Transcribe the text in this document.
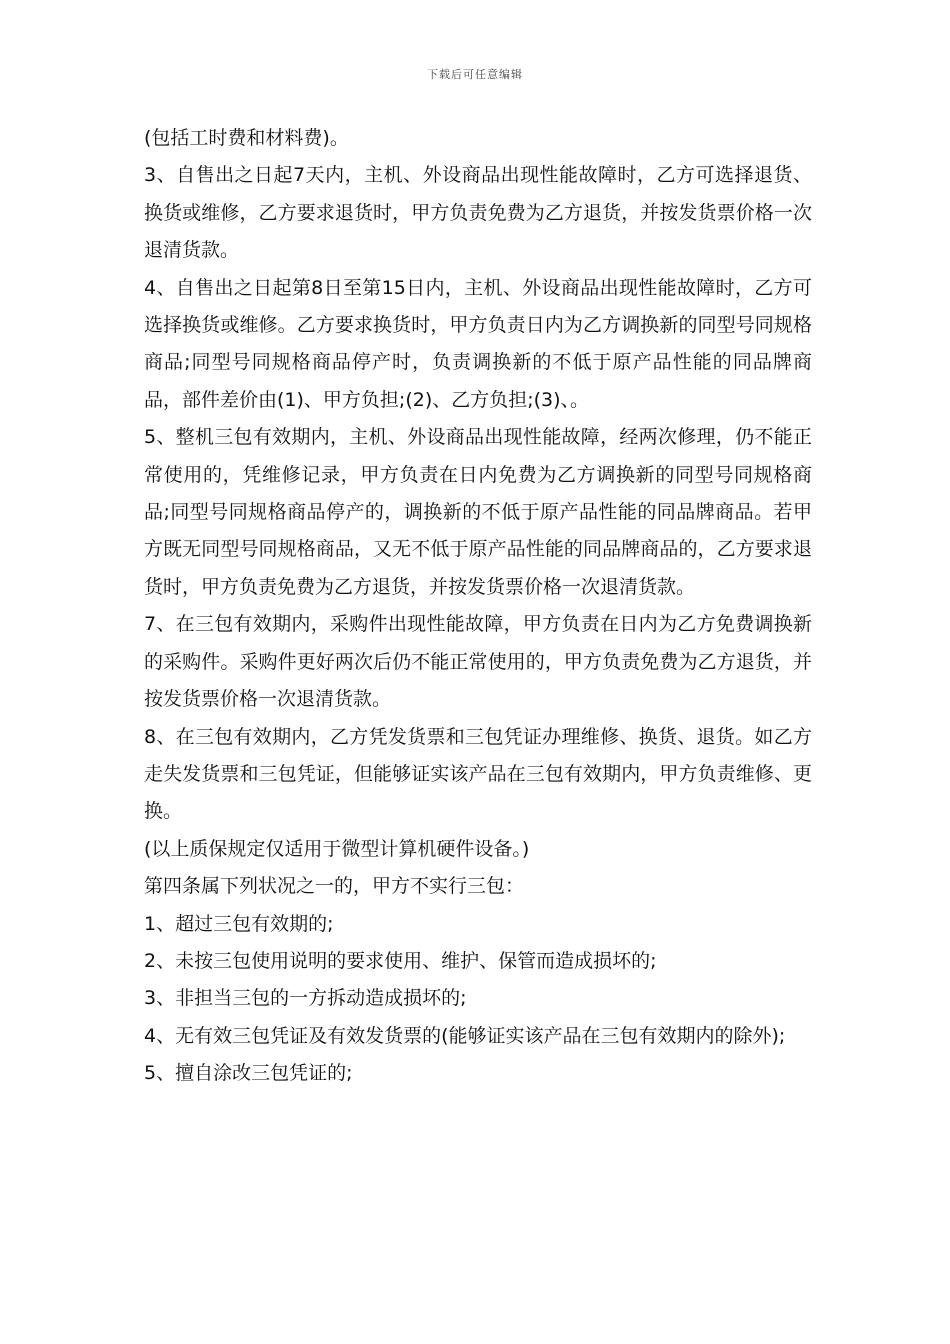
下载后可任意编辑

(包括工时费和材料费)。

3、自售出之日起7天内，主机、外设商品出现性能故障时，乙方可选择退货、换货或维修，乙方要求退货时，甲方负责免费为乙方退货，并按发货票价格一次退清货款。

4、自售出之日起第8日至第15日内，主机、外设商品出现性能故障时，乙方可选择换货或维修。乙方要求换货时，甲方负责日内为乙方调换新的同型号同规格商品;同型号同规格商品停产时，负责调换新的不低于原产品性能的同品牌商品，部件差价由(1)、甲方负担;(2)、乙方负担;(3)、。

5、整机三包有效期内，主机、外设商品出现性能故障，经两次修理，仍不能正常使用的，凭维修记录，甲方负责在日内免费为乙方调换新的同型号同规格商品;同型号同规格商品停产的，调换新的不低于原产品性能的同品牌商品。若甲方既无同型号同规格商品，又无不低于原产品性能的同品牌商品的，乙方要求退货时，甲方负责免费为乙方退货，并按发货票价格一次退清货款。

7、在三包有效期内，采购件出现性能故障，甲方负责在日内为乙方免费调换新的采购件。采购件更好两次后仍不能正常使用的，甲方负责免费为乙方退货，并按发货票价格一次退清货款。

8、在三包有效期内，乙方凭发货票和三包凭证办理维修、换货、退货。如乙方走失发货票和三包凭证，但能够证实该产品在三包有效期内，甲方负责维修、更换。

(以上质保规定仅适用于微型计算机硬件设备。)

第四条属下列状况之一的，甲方不实行三包：

1、超过三包有效期的;

2、未按三包使用说明的要求使用、维护、保管而造成损坏的;

3、非担当三包的一方拆动造成损坏的;

4、无有效三包凭证及有效发货票的(能够证实该产品在三包有效期内的除外);

5、擅自涂改三包凭证的;
